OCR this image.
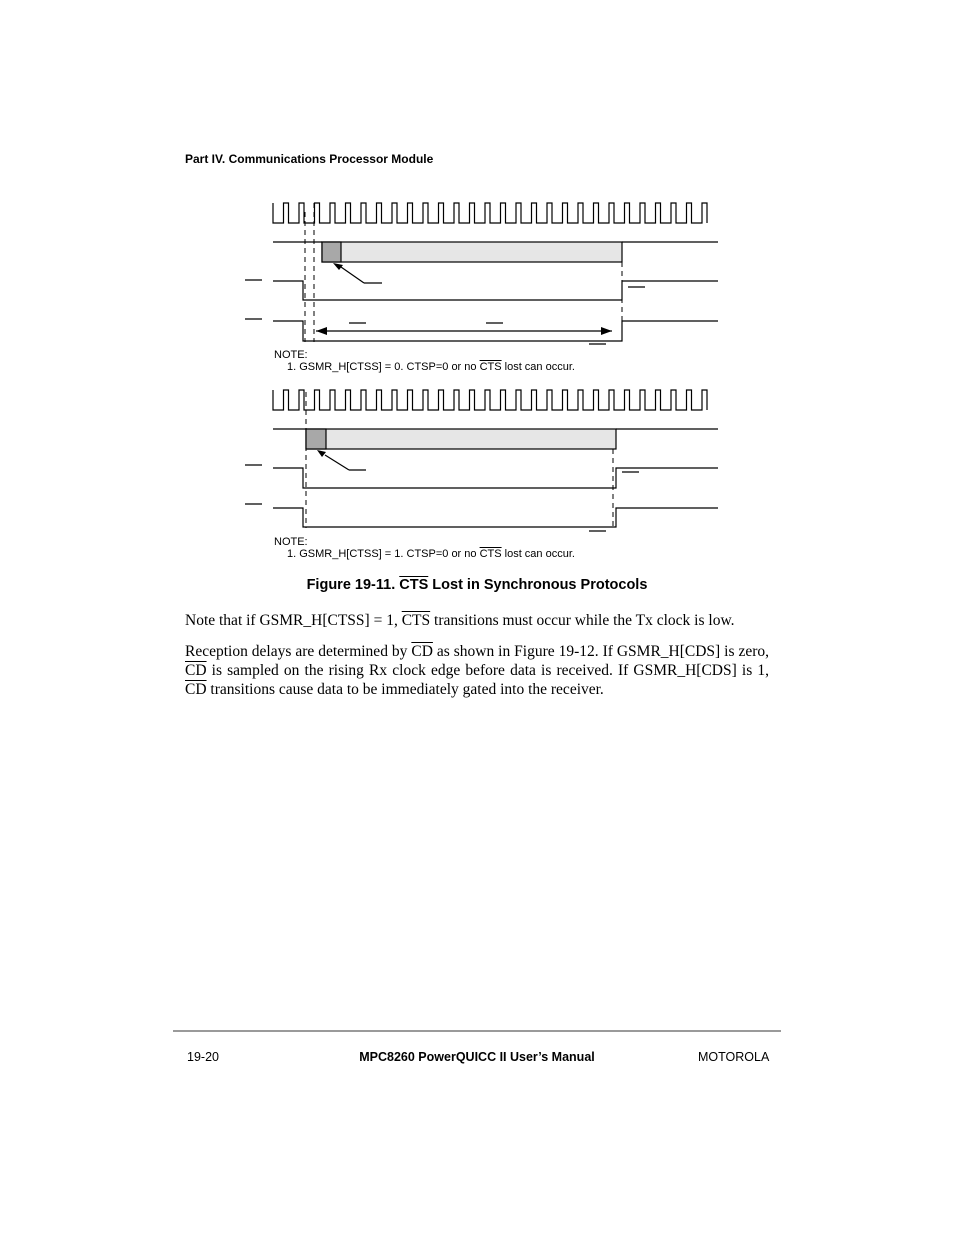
Part IV. Communications Processor Module
NOTE:
1. GSMR_H[CTSS] = 0. CTSP=0 or no $\overline{CTS}$ lost can occur.
NOTE:
1. GSMR_H[CTSS] = 1. CTSP=0 or no $\overline{CTS}$ lost can occur.
Figure 19-11. $\overline{CTS}$ Lost in Synchronous Protocols
Note that if GSMR_H[CTSS] = 1, $\overline{CTS}$ transitions must occur while the Tx clock is low.
Reception delays are determined by $\overline{CD}$ as shown in Figure 19-12. If GSMR_H[CDS] is zero, $\overline{CD}$ is sampled on the rising Rx clock edge before data is received. If GSMR_H[CDS] is 1, $\overline{CD}$ transitions cause data to be immediately gated into the receiver.
19-20	MPC8260 PowerQUICC II User’s Manual	MOTOROLA
